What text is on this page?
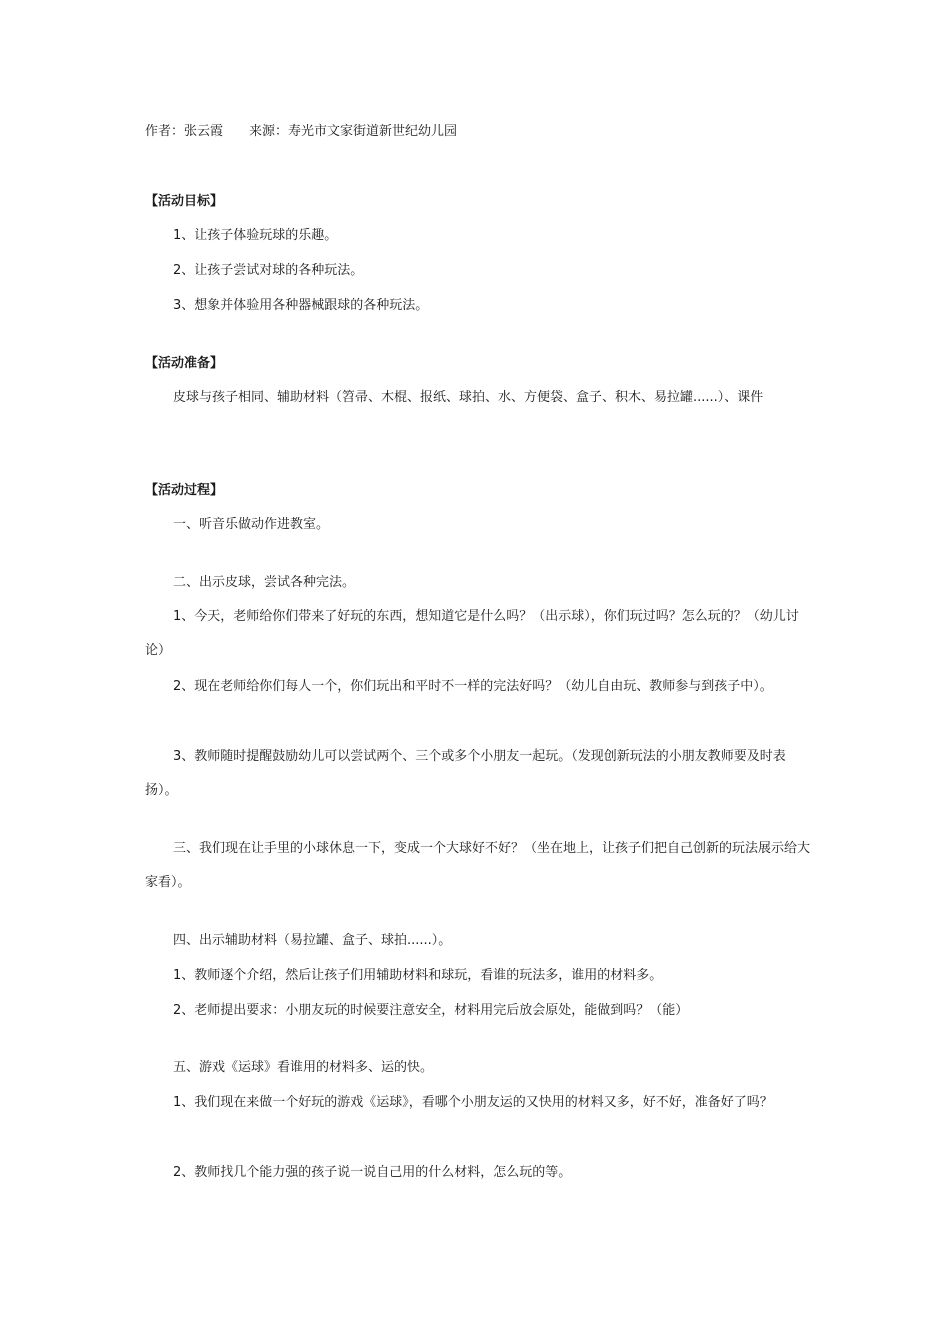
作者：张云霞 来源：寿光市文家街道新世纪幼儿园
【活动目标】

1、让孩子体验玩球的乐趣。

2、让孩子尝试对球的各种玩法。

3、想象并体验用各种器械跟球的各种玩法。

【活动准备】

皮球与孩子相同、辅助材料（笤帚、木棍、报纸、球拍、水、方便袋、盒子、积木、易拉罐......）、课件

【活动过程】

一、听音乐做动作进教室。

二、出示皮球，尝试各种完法。

1、今天，老师给你们带来了好玩的东西，想知道它是什么吗？（出示球），你们玩过吗？怎么玩的？（幼儿讨论）

2、现在老师给你们每人一个，你们玩出和平时不一样的完法好吗？（幼儿自由玩、教师参与到孩子中）。

3、教师随时提醒鼓励幼儿可以尝试两个、三个或多个小朋友一起玩。（发现创新玩法的小朋友教师要及时表扬）。

三、我们现在让手里的小球休息一下，变成一个大球好不好？（坐在地上，让孩子们把自己创新的玩法展示给大家看）。

四、出示辅助材料（易拉罐、盒子、球拍......）。

1、教师逐个介绍，然后让孩子们用辅助材料和球玩，看谁的玩法多，谁用的材料多。

2、老师提出要求：小朋友玩的时候要注意安全，材料用完后放会原处，能做到吗？（能）

五、游戏《运球》看谁用的材料多、运的快。

1、我们现在来做一个好玩的游戏《运球》，看哪个小朋友运的又快用的材料又多，好不好，准备好了吗？

2、教师找几个能力强的孩子说一说自己用的什么材料，怎么玩的等。
